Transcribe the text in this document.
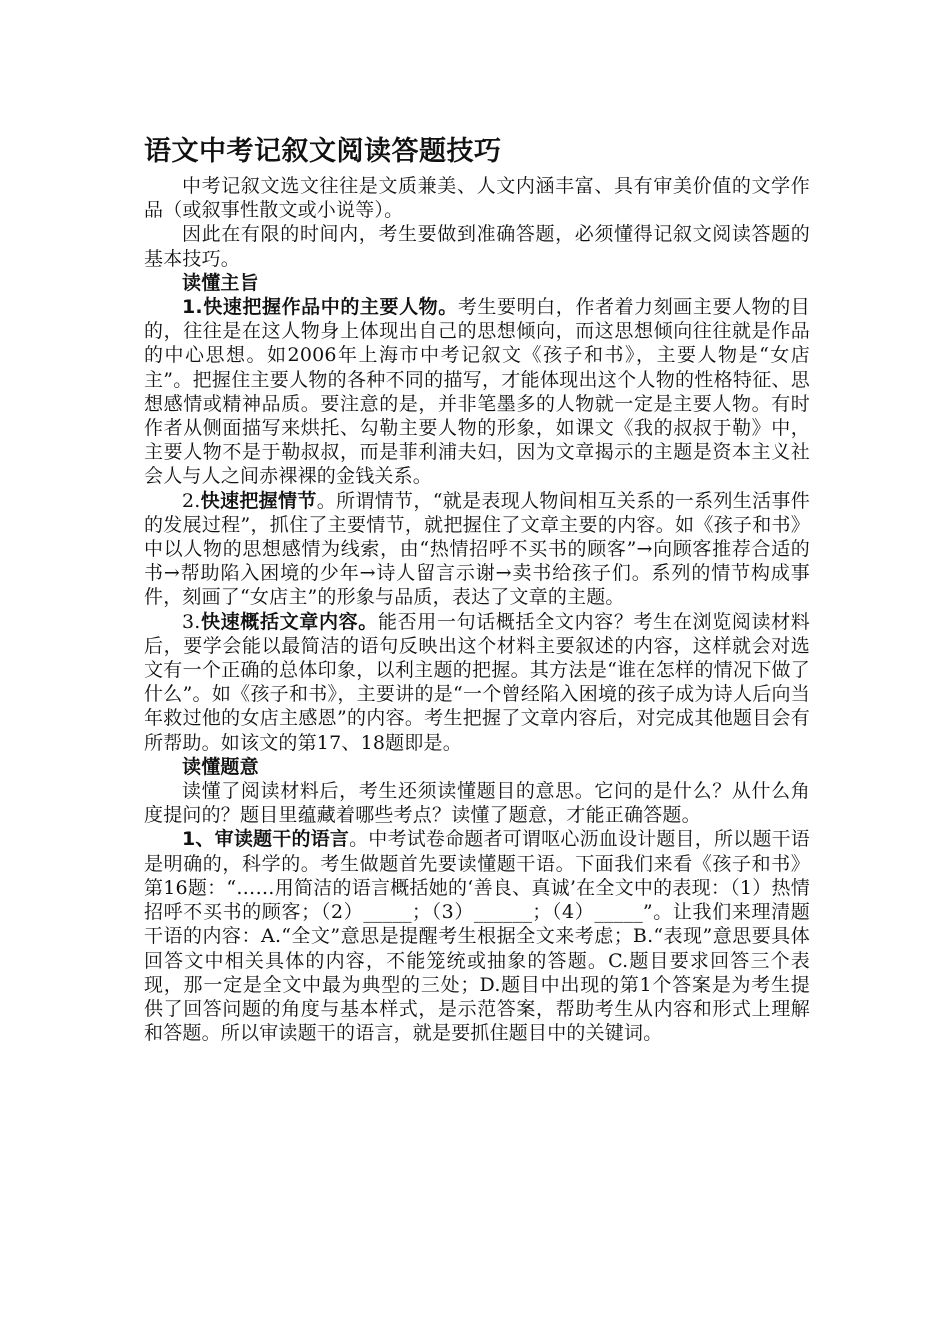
语文中考记叙文阅读答题技巧

中考记叙文选文往往是文质兼美、人文内涵丰富、具有审美价值的文学作品（或叙事性散文或小说等）。

因此在有限的时间内，考生要做到准确答题，必须懂得记叙文阅读答题的基本技巧。

读懂主旨

1.快速把握作品中的主要人物。考生要明白，作者着力刻画主要人物的目的，往往是在这人物身上体现出自己的思想倾向，而这思想倾向往往就是作品的中心思想。如2006年上海市中考记叙文《孩子和书》，主要人物是“女店主”。把握住主要人物的各种不同的描写，才能体现出这个人物的性格特征、思想感情或精神品质。要注意的是，并非笔墨多的人物就一定是主要人物。有时作者从侧面描写来烘托、勾勒主要人物的形象，如课文《我的叔叔于勒》中，主要人物不是于勒叔叔，而是菲利浦夫妇，因为文章揭示的主题是资本主义社会人与人之间赤裸裸的金钱关系。

2.快速把握情节。所谓情节，“就是表现人物间相互关系的一系列生活事件的发展过程”，抓住了主要情节，就把握住了文章主要的内容。如《孩子和书》中以人物的思想感情为线索，由“热情招呼不买书的顾客”→向顾客推荐合适的书→帮助陷入困境的少年→诗人留言示谢→卖书给孩子们。系列的情节构成事件，刻画了“女店主”的形象与品质，表达了文章的主题。

3.快速概括文章内容。能否用一句话概括全文内容？考生在浏览阅读材料后，要学会能以最简洁的语句反映出这个材料主要叙述的内容，这样就会对选文有一个正确的总体印象，以利主题的把握。其方法是“谁在怎样的情况下做了什么”。如《孩子和书》，主要讲的是“一个曾经陷入困境的孩子成为诗人后向当年救过他的女店主感恩”的内容。考生把握了文章内容后，对完成其他题目会有所帮助。如该文的第17、18题即是。

读懂题意

读懂了阅读材料后，考生还须读懂题目的意思。它问的是什么？从什么角度提问的？题目里蕴藏着哪些考点？读懂了题意，才能正确答题。

1、审读题干的语言。中考试卷命题者可谓呕心沥血设计题目，所以题干语是明确的，科学的。考生做题首先要读懂题干语。下面我们来看《孩子和书》第16题：“……用简洁的语言概括她的‘善良、真诚’在全文中的表现：（1）热情招呼不买书的顾客；（2）_____；（3）______；（4）_____”。让我们来理清题干语的内容：A.“全文”意思是提醒考生根据全文来考虑；B.“表现”意思要具体回答文中相关具体的内容，不能笼统或抽象的答题。C.题目要求回答三个表现，那一定是全文中最为典型的三处；D.题目中出现的第1个答案是为考生提供了回答问题的角度与基本样式，是示范答案，帮助考生从内容和形式上理解和答题。所以审读题干的语言，就是要抓住题目中的关键词。
